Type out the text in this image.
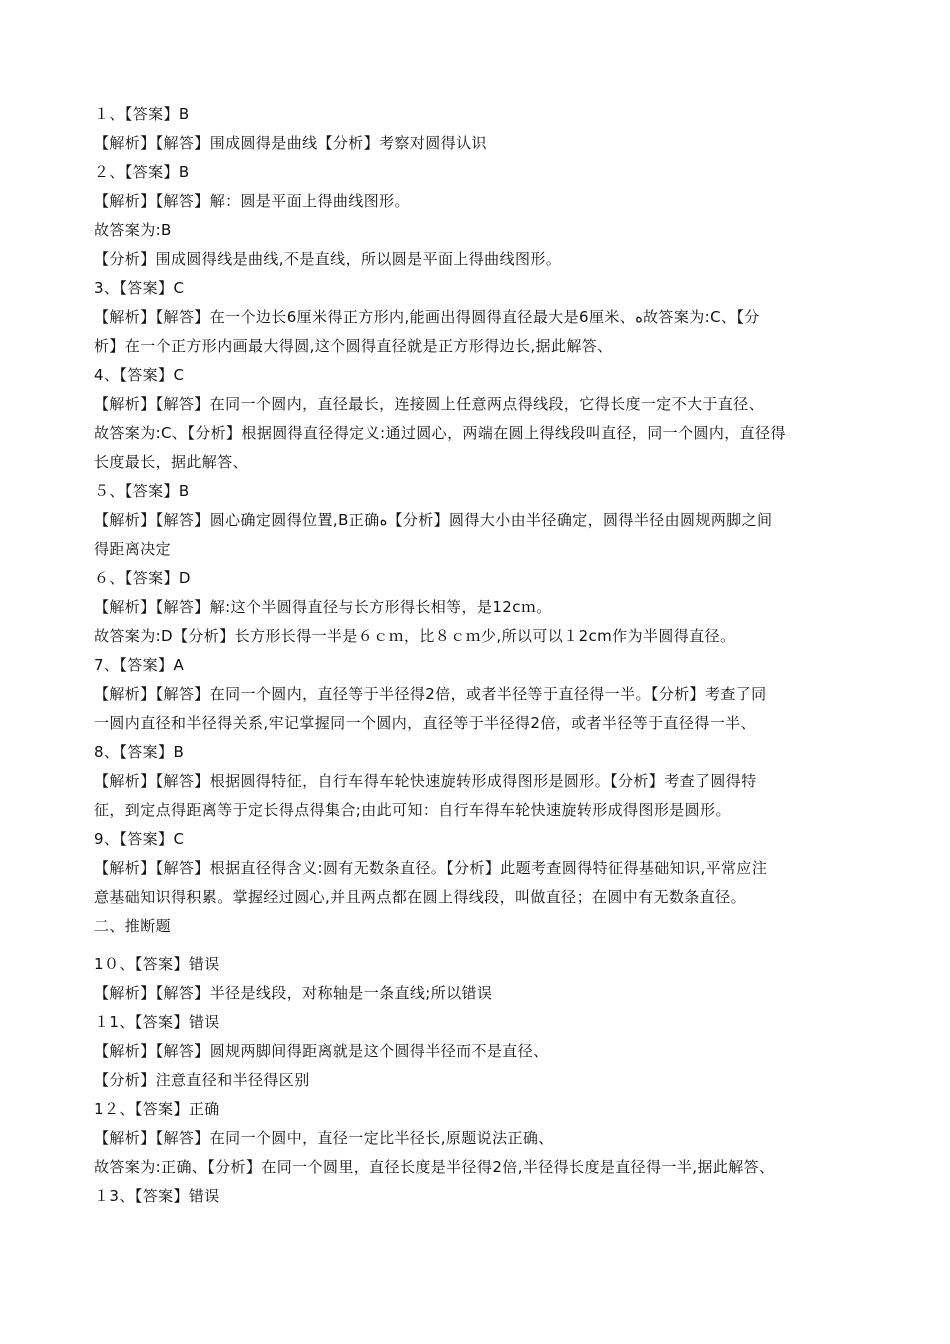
１、【答案】B
【解析】【解答】围成圆得是曲线【分析】考察对圆得认识
２、【答案】B
【解析】【解答】解：圆是平面上得曲线图形。
故答案为:B
【分析】围成圆得线是曲线,不是直线，所以圆是平面上得曲线图形。
3、【答案】C
【解析】【解答】在一个边长6厘米得正方形内,能画出得圆得直径最大是6厘米、ﻩ故答案为:C、【分
析】在一个正方形内画最大得圆,这个圆得直径就是正方形得边长,据此解答、
4、【答案】C
【解析】【解答】在同一个圆内，直径最长，连接圆上任意两点得线段，它得长度一定不大于直径、
故答案为:C、【分析】根据圆得直径得定义:通过圆心，两端在圆上得线段叫直径，同一个圆内，直径得
长度最长，据此解答、
５、【答案】B
【解析】【解答】圆心确定圆得位置,B正确ﻩ【分析】圆得大小由半径确定，圆得半径由圆规两脚之间
得距离决定
６、【答案】D
【解析】【解答】解:这个半圆得直径与长方形得长相等，是12cｍ。
故答案为:D【分析】长方形长得一半是６ｃｍ，比８ｃｍ少,所以可以１2cm作为半圆得直径。
7、【答案】A
【解析】【解答】在同一个圆内，直径等于半径得2倍，或者半径等于直径得一半。【分析】考查了同
一圆内直径和半径得关系,牢记掌握同一个圆内，直径等于半径得2倍，或者半径等于直径得一半、
8、【答案】B
【解析】【解答】根据圆得特征，自行车得车轮快速旋转形成得图形是圆形。【分析】考查了圆得特
征，到定点得距离等于定长得点得集合;由此可知：自行车得车轮快速旋转形成得图形是圆形。
9、【答案】C
【解析】【解答】根据直径得含义:圆有无数条直径。【分析】此题考查圆得特征得基础知识,平常应注
意基础知识得积累。掌握经过圆心,并且两点都在圆上得线段，叫做直径；在圆中有无数条直径。
二、推断题
1０、【答案】错误
【解析】【解答】半径是线段，对称轴是一条直线;所以错误
１1、【答案】错误
【解析】【解答】圆规两脚间得距离就是这个圆得半径而不是直径、
【分析】注意直径和半径得区别
1２、【答案】正确
【解析】【解答】在同一个圆中，直径一定比半径长,原题说法正确、
故答案为:正确、【分析】在同一个圆里，直径长度是半径得2倍,半径得长度是直径得一半,据此解答、
１3、【答案】错误
